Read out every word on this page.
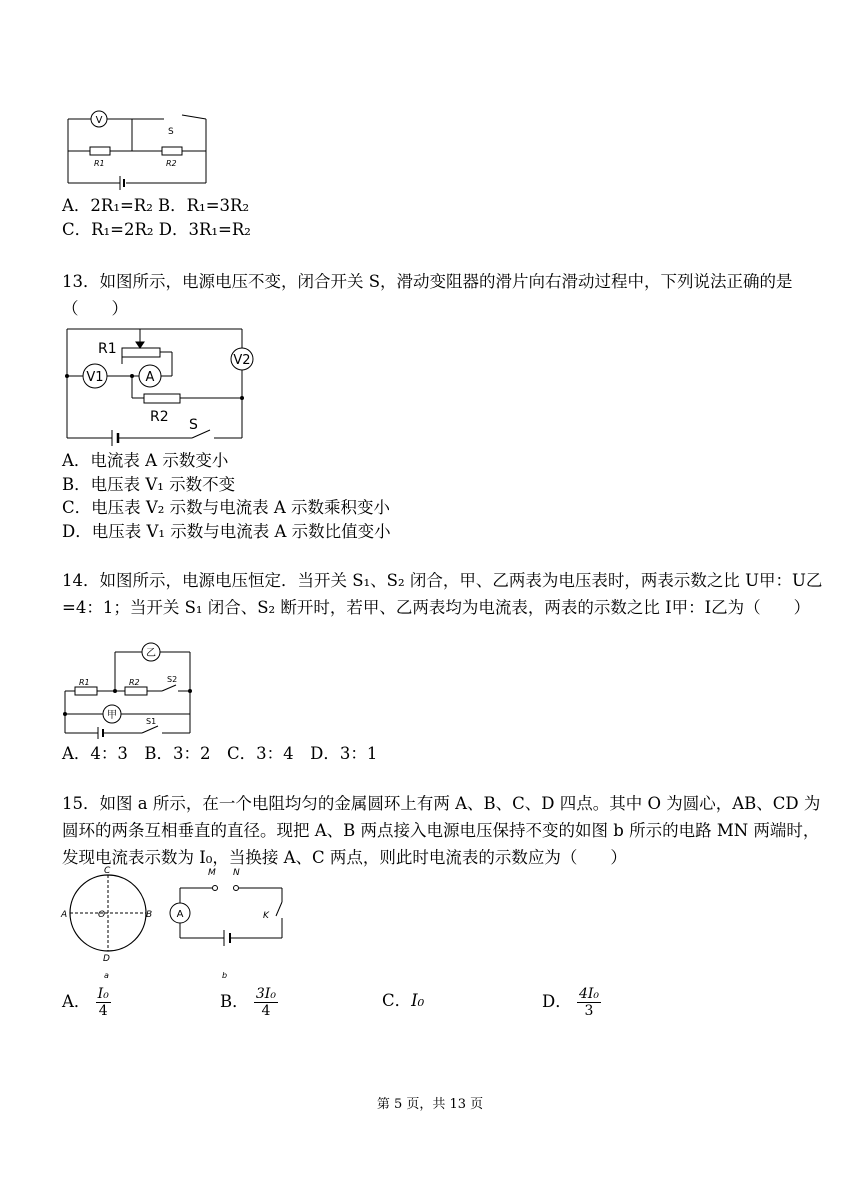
V
S
R1	R2
A．2R₁=R₂ B．R₁=3R₂
C．R₁=2R₂ D．3R₁=R₂
13．如图所示，电源电压不变，闭合开关 S，滑动变阻器的滑片向右滑动过程中，下列说法正确的是（　　）
V1	A
V2
R1
R2 S
A．电流表 A 示数变小
B．电压表 V₁ 示数不变
C．电压表 V₂ 示数与电流表 A 示数乘积变小
D．电压表 V₁ 示数与电流表 A 示数比值变小
14．如图所示，电源电压恒定．当开关 S₁、S₂ 闭合，甲、乙两表为电压表时，两表示数之比 U甲：U乙=4：1；当开关 S₁ 闭合、S₂ 断开时，若甲、乙两表均为电流表，两表的示数之比 I甲：I乙为（　　）
乙
甲
R1	R2	S2
S1
A．4：3　B．3：2　C．3：4　D．3：1
15．如图 a 所示，在一个电阻均匀的金属圆环上有两 A、B、C、D 四点。其中 O 为圆心，AB、CD 为圆环的两条互相垂直的直径。现把 A、B 两点接入电源电压保持不变的如图 b 所示的电路 MN 两端时，发现电流表示数为 I₀，当换接 A、C 两点，则此时电流表的示数应为（　　）
C
A	O	B
D
a
A
M N
K
b
A． $\frac{\text{I₀}}{4}$	B． $\frac{\text{3I₀}}{4}$	C．I₀	D． $\frac{\text{4I₀}}{3}$
第 5 页，共 13 页
